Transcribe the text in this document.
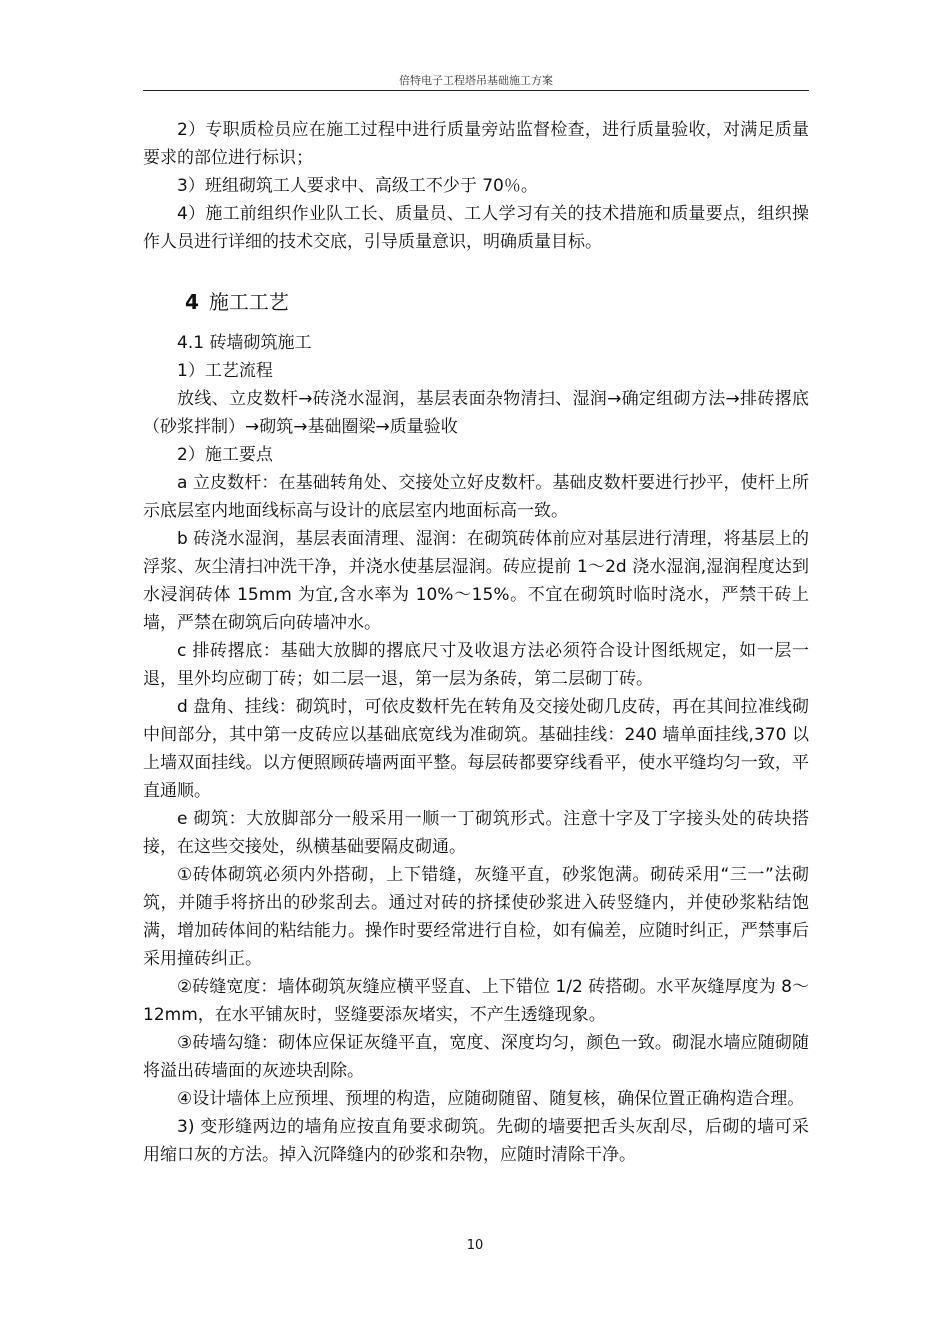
倍特电子工程塔吊基础施工方案

2）专职质检员应在施工过程中进行质量旁站监督检查，进行质量验收，对满足质量要求的部位进行标识；

3）班组砌筑工人要求中、高级工不少于 70％。

4）施工前组织作业队工长、质量员、工人学习有关的技术措施和质量要点，组织操作人员进行详细的技术交底，引导质量意识，明确质量目标。

4 施工工艺

4.1 砖墙砌筑施工

1）工艺流程

放线、立皮数杆→砖浇水湿润，基层表面杂物清扫、湿润→确定组砌方法→排砖撂底（砂浆拌制）→砌筑→基础圈梁→质量验收

2）施工要点

a 立皮数杆：在基础转角处、交接处立好皮数杆。基础皮数杆要进行抄平，使杆上所示底层室内地面线标高与设计的底层室内地面标高一致。

b 砖浇水湿润，基层表面清理、湿润：在砌筑砖体前应对基层进行清理，将基层上的浮浆、灰尘清扫冲洗干净，并浇水使基层湿润。砖应提前 1～2d 浇水湿润,湿润程度达到水浸润砖体 15mm 为宜,含水率为 10%～15%。不宜在砌筑时临时浇水，严禁干砖上墙，严禁在砌筑后向砖墙冲水。

c 排砖撂底：基础大放脚的撂底尺寸及收退方法必须符合设计图纸规定，如一层一退，里外均应砌丁砖；如二层一退，第一层为条砖，第二层砌丁砖。

d 盘角、挂线：砌筑时，可依皮数杆先在转角及交接处砌几皮砖，再在其间拉准线砌中间部分，其中第一皮砖应以基础底宽线为准砌筑。基础挂线：240 墙单面挂线,370 以上墙双面挂线。以方便照顾砖墙两面平整。每层砖都要穿线看平，使水平缝均匀一致，平直通顺。

e 砌筑：大放脚部分一般采用一顺一丁砌筑形式。注意十字及丁字接头处的砖块搭接，在这些交接处，纵横基础要隔皮砌通。

①砖体砌筑必须内外搭砌，上下错缝，灰缝平直，砂浆饱满。砌砖采用“三一”法砌筑，并随手将挤出的砂浆刮去。通过对砖的挤揉使砂浆进入砖竖缝内，并使砂浆粘结饱满，增加砖体间的粘结能力。操作时要经常进行自检，如有偏差，应随时纠正，严禁事后采用撞砖纠正。

②砖缝宽度：墙体砌筑灰缝应横平竖直、上下错位 1/2 砖搭砌。水平灰缝厚度为 8～12mm，在水平铺灰时，竖缝要添灰堵实，不产生透缝现象。

③砖墙勾缝：砌体应保证灰缝平直，宽度、深度均匀，颜色一致。砌混水墙应随砌随将溢出砖墙面的灰迹块刮除。

④设计墙体上应预埋、预埋的构造，应随砌随留、随复核，确保位置正确构造合理。

3) 变形缝两边的墙角应按直角要求砌筑。先砌的墙要把舌头灰刮尽，后砌的墙可采用缩口灰的方法。掉入沉降缝内的砂浆和杂物，应随时清除干净。

10
